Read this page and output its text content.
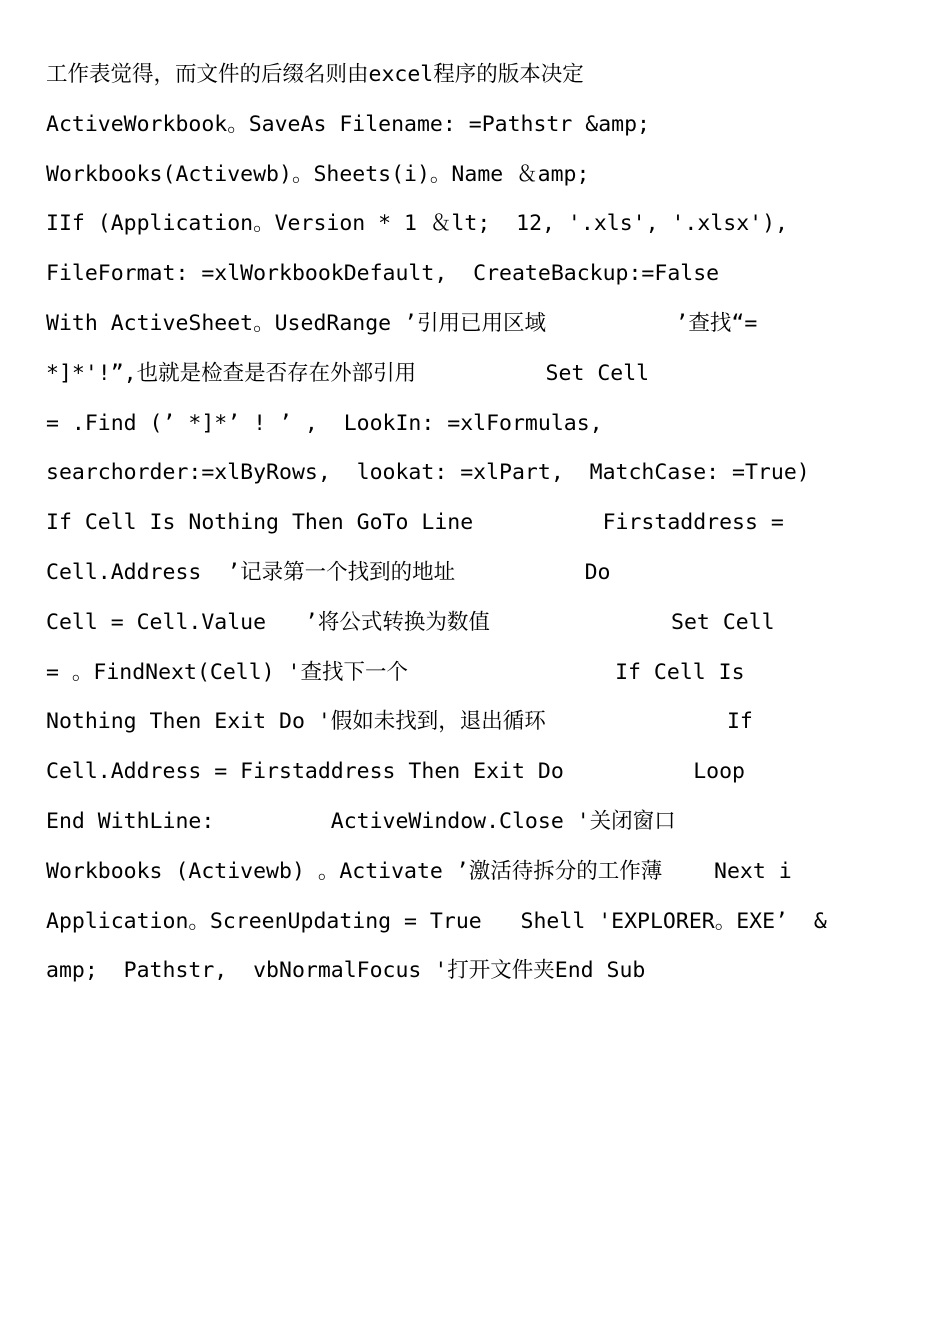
工作表觉得，而文件的后缀名则由excel程序的版本决定
ActiveWorkbook。SaveAs Filename: =Pathstr &amp;
Workbooks(Activewb)。Sheets(i)。Name ＆amp;
IIf (Application。Version * 1 ＆lt;  12, '.xls', '.xlsx'),
FileFormat: =xlWorkbookDefault,  CreateBackup:=False
With ActiveSheet。UsedRange ’引用已用区域          ’查找“=
*]*'!”,也就是检查是否存在外部引用          Set Cell
= .Find (’ *]*’ ! ’ ,  LookIn: =xlFormulas,
searchorder:=xlByRows,  lookat: =xlPart,  MatchCase: =True)
If Cell Is Nothing Then GoTo Line          Firstaddress =
Cell.Address  ’记录第一个找到的地址          Do
Cell = Cell.Value   ’将公式转换为数值              Set Cell
= 。FindNext(Cell) '查找下一个                If Cell Is
Nothing Then Exit Do '假如未找到，退出循环              If
Cell.Address = Firstaddress Then Exit Do          Loop
End WithLine:         ActiveWindow.Close '关闭窗口
Workbooks (Activewb) 。Activate ’激活待拆分的工作薄    Next i
Application。ScreenUpdating = True   Shell 'EXPLORER。EXE’  &
amp;  Pathstr,  vbNormalFocus '打开文件夹End Sub
